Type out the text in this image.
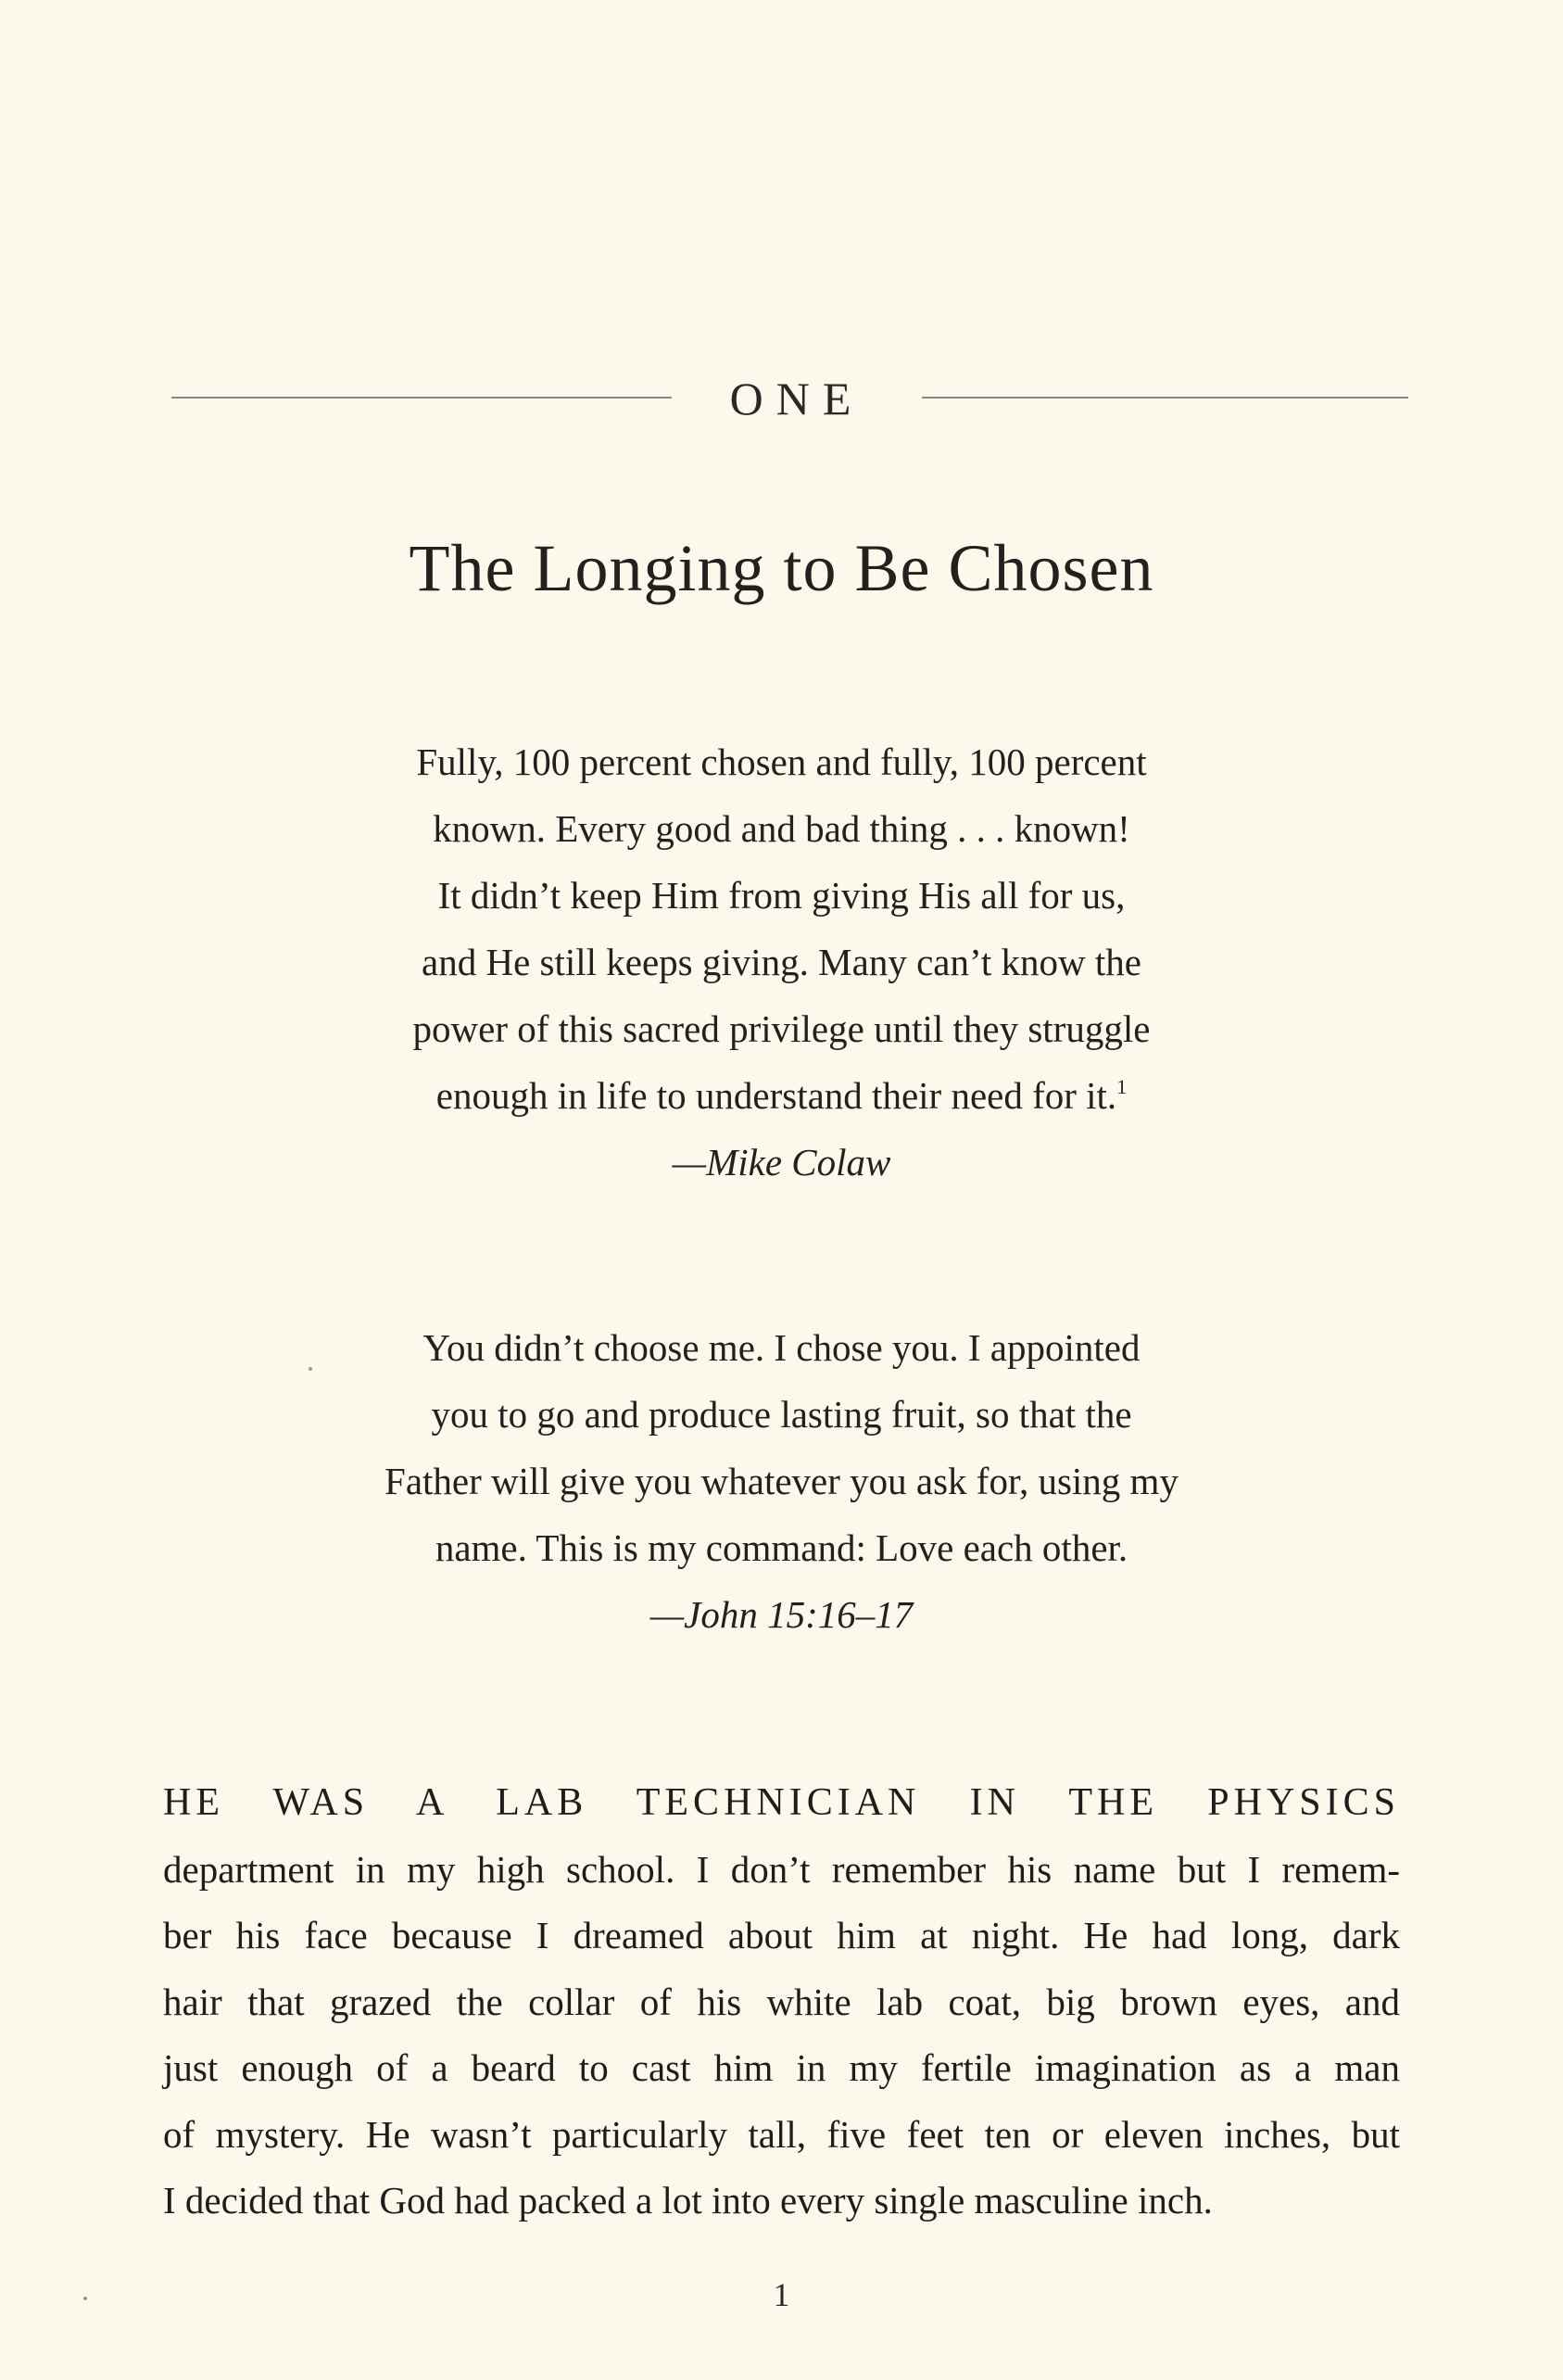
ONE
The Longing to Be Chosen
Fully, 100 percent chosen and fully, 100 percent
known. Every good and bad thing . . . known!
It didn’t keep Him from giving His all for us,
and He still keeps giving. Many can’t know the
power of this sacred privilege until they struggle
enough in life to understand their need for it.$^1$
—Mike Colaw
You didn’t choose me. I chose you. I appointed
you to go and produce lasting fruit, so that the
Father will give you whatever you ask for, using my
name. This is my command: Love each other.
—John 15:16–17
HE WAS A LAB TECHNICIAN IN THE PHYSICS
department in my high school. I don’t remember his name but I remem-
ber his face because I dreamed about him at night. He had long, dark
hair that grazed the collar of his white lab coat, big brown eyes, and
just enough of a beard to cast him in my fertile imagination as a man
of mystery. He wasn’t particularly tall, five feet ten or eleven inches, but
I decided that God had packed a lot into every single masculine inch.
1
